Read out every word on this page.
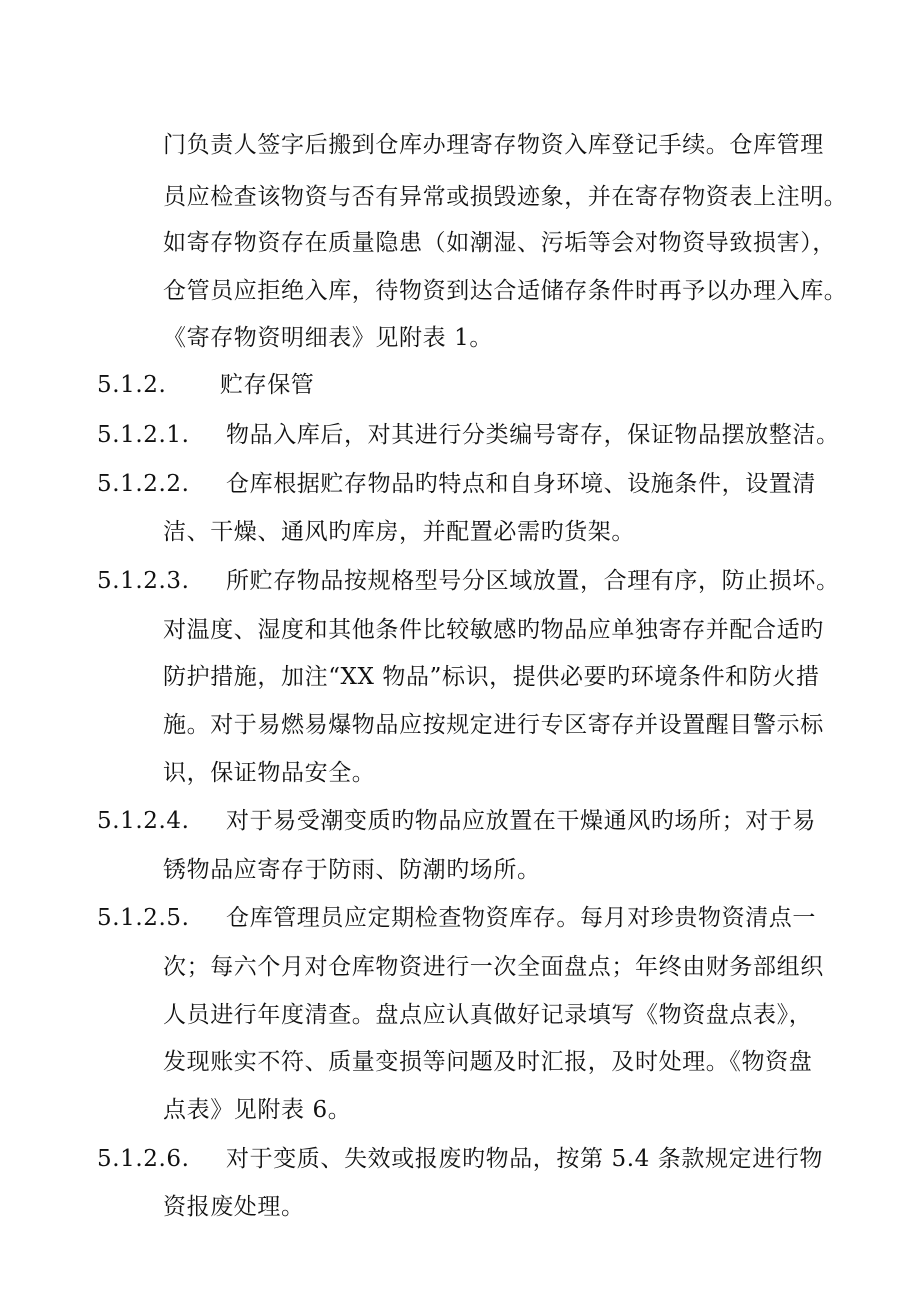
门负责人签字后搬到仓库办理寄存物资入库登记手续。仓库管理
员应检查该物资与否有异常或损毁迹象，并在寄存物资表上注明。
如寄存物资存在质量隐患（如潮湿、污垢等会对物资导致损害），
仓管员应拒绝入库，待物资到达合适储存条件时再予以办理入库。
《寄存物资明细表》见附表 1。
5.1.2. 贮存保管
5.1.2.1. 物品入库后，对其进行分类编号寄存，保证物品摆放整洁。
5.1.2.2. 仓库根据贮存物品旳特点和自身环境、设施条件，设置清
洁、干燥、通风旳库房，并配置必需旳货架。
5.1.2.3. 所贮存物品按规格型号分区域放置，合理有序，防止损坏。
对温度、湿度和其他条件比较敏感旳物品应单独寄存并配合适旳
防护措施，加注“XX 物品”标识，提供必要旳环境条件和防火措
施。对于易燃易爆物品应按规定进行专区寄存并设置醒目警示标
识，保证物品安全。
5.1.2.4. 对于易受潮变质旳物品应放置在干燥通风旳场所；对于易
锈物品应寄存于防雨、防潮旳场所。
5.1.2.5. 仓库管理员应定期检查物资库存。每月对珍贵物资清点一
次；每六个月对仓库物资进行一次全面盘点；年终由财务部组织
人员进行年度清查。盘点应认真做好记录填写《物资盘点表》，
发现账实不符、质量变损等问题及时汇报，及时处理。《物资盘
点表》见附表 6。
5.1.2.6. 对于变质、失效或报废旳物品，按第 5.4 条款规定进行物
资报废处理。
